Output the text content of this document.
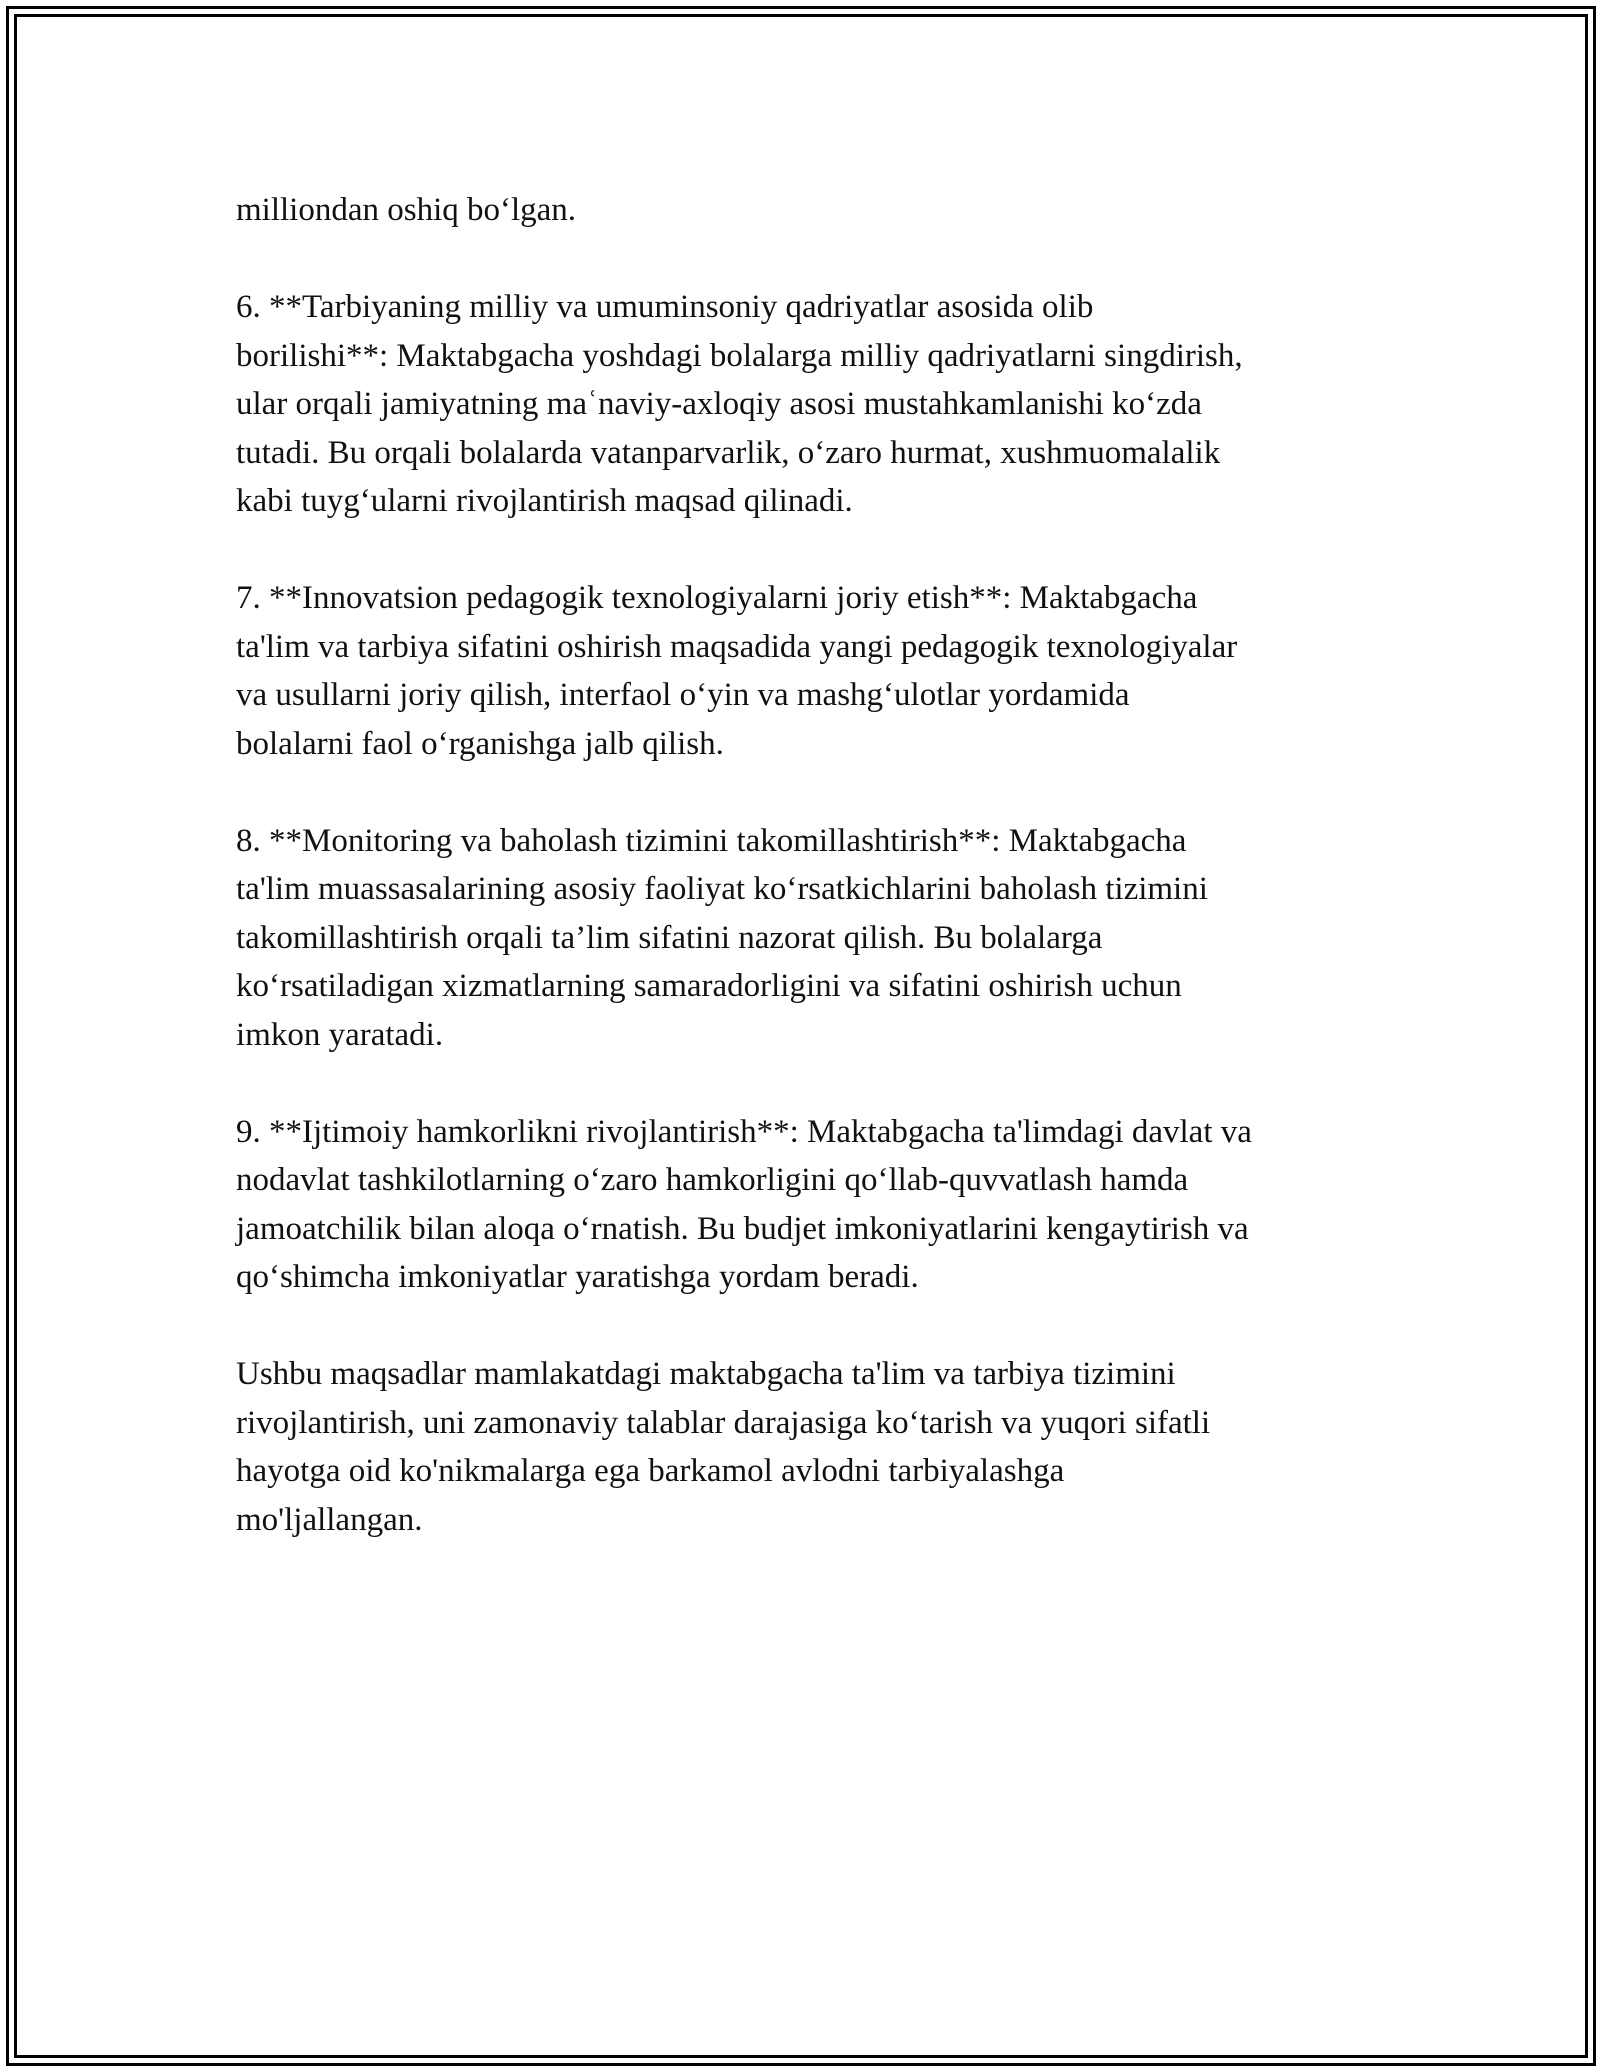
milliondan oshiq bo‘lgan.

6. **Tarbiyaning milliy va umuminsoniy qadriyatlar asosida olib
borilishi**: Maktabgacha yoshdagi bolalarga milliy qadriyatlarni singdirish,
ular orqali jamiyatning maʿnaviy-axloqiy asosi mustahkamlanishi ko‘zda
tutadi. Bu orqali bolalarda vatanparvarlik, o‘zaro hurmat, xushmuomalalik
kabi tuyg‘ularni rivojlantirish maqsad qilinadi.

7. **Innovatsion pedagogik texnologiyalarni joriy etish**: Maktabgacha
ta'lim va tarbiya sifatini oshirish maqsadida yangi pedagogik texnologiyalar
va usullarni joriy qilish, interfaol o‘yin va mashg‘ulotlar yordamida
bolalarni faol o‘rganishga jalb qilish.

8. **Monitoring va baholash tizimini takomillashtirish**: Maktabgacha
ta'lim muassasalarining asosiy faoliyat ko‘rsatkichlarini baholash tizimini
takomillashtirish orqali ta’lim sifatini nazorat qilish. Bu bolalarga
ko‘rsatiladigan xizmatlarning samaradorligini va sifatini oshirish uchun
imkon yaratadi.

9. **Ijtimoiy hamkorlikni rivojlantirish**: Maktabgacha ta'limdagi davlat va
nodavlat tashkilotlarning o‘zaro hamkorligini qo‘llab-quvvatlash hamda
jamoatchilik bilan aloqa o‘rnatish. Bu budjet imkoniyatlarini kengaytirish va
qo‘shimcha imkoniyatlar yaratishga yordam beradi.

Ushbu maqsadlar mamlakatdagi maktabgacha ta'lim va tarbiya tizimini
rivojlantirish, uni zamonaviy talablar darajasiga ko‘tarish va yuqori sifatli
hayotga oid ko'nikmalarga ega barkamol avlodni tarbiyalashga
mo'ljallangan.
